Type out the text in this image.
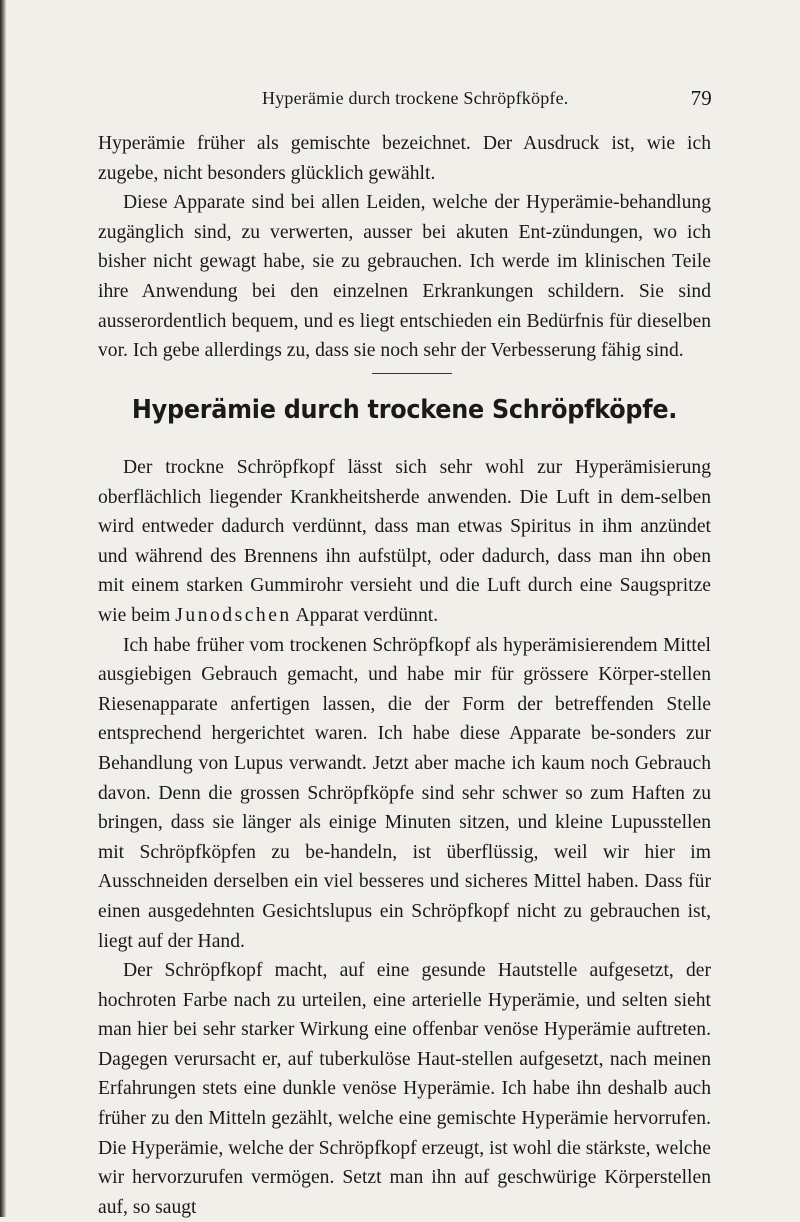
Hyperämie durch trockene Schröpfköpfe.	79

Hyperämie früher als gemischte bezeichnet. Der Ausdruck ist, wie ich zugebe, nicht besonders glücklich gewählt.

Diese Apparate sind bei allen Leiden, welche der Hyperämie-behandlung zugänglich sind, zu verwerten, ausser bei akuten Ent-zündungen, wo ich bisher nicht gewagt habe, sie zu gebrauchen. Ich werde im klinischen Teile ihre Anwendung bei den einzelnen Erkrankungen schildern. Sie sind ausserordentlich bequem, und es liegt entschieden ein Bedürfnis für dieselben vor. Ich gebe allerdings zu, dass sie noch sehr der Verbesserung fähig sind.

Hyperämie durch trockene Schröpfköpfe.

Der trockne Schröpfkopf lässt sich sehr wohl zur Hyperämisierung oberflächlich liegender Krankheitsherde anwenden. Die Luft in dem-selben wird entweder dadurch verdünnt, dass man etwas Spiritus in ihm anzündet und während des Brennens ihn aufstülpt, oder dadurch, dass man ihn oben mit einem starken Gummirohr versieht und die Luft durch eine Saugspritze wie beim Junodschen Apparat verdünnt.

Ich habe früher vom trockenen Schröpfkopf als hyperämisierendem Mittel ausgiebigen Gebrauch gemacht, und habe mir für grössere Körper-stellen Riesenapparate anfertigen lassen, die der Form der betreffenden Stelle entsprechend hergerichtet waren. Ich habe diese Apparate be-sonders zur Behandlung von Lupus verwandt. Jetzt aber mache ich kaum noch Gebrauch davon. Denn die grossen Schröpfköpfe sind sehr schwer so zum Haften zu bringen, dass sie länger als einige Minuten sitzen, und kleine Lupusstellen mit Schröpfköpfen zu be-handeln, ist überflüssig, weil wir hier im Ausschneiden derselben ein viel besseres und sicheres Mittel haben. Dass für einen ausgedehnten Gesichtslupus ein Schröpfkopf nicht zu gebrauchen ist, liegt auf der Hand.

Der Schröpfkopf macht, auf eine gesunde Hautstelle aufgesetzt, der hochroten Farbe nach zu urteilen, eine arterielle Hyperämie, und selten sieht man hier bei sehr starker Wirkung eine offenbar venöse Hyperämie auftreten. Dagegen verursacht er, auf tuberkulöse Haut-stellen aufgesetzt, nach meinen Erfahrungen stets eine dunkle venöse Hyperämie. Ich habe ihn deshalb auch früher zu den Mitteln gezählt, welche eine gemischte Hyperämie hervorrufen. Die Hyperämie, welche der Schröpfkopf erzeugt, ist wohl die stärkste, welche wir hervorzurufen vermögen. Setzt man ihn auf geschwürige Körperstellen auf, so saugt
